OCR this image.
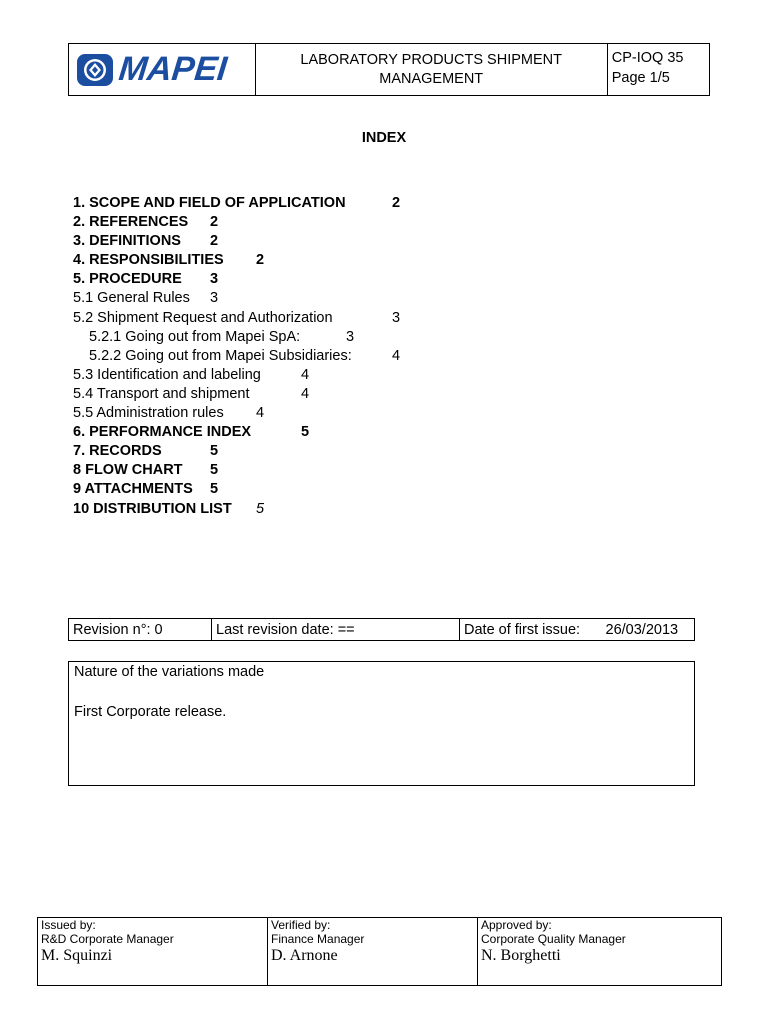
MAPEI	LABORATORY PRODUCTS SHIPMENT
MANAGEMENT

CP-IOQ 35
Page 1/5
INDEX
1. SCOPE AND FIELD OF APPLICATION	2
2. REFERENCES 2
3. DEFINITIONS 2
4. RESPONSIBILITIES 2
5. PROCEDURE 3
5.1 General Rules 3
5.2 Shipment Request and Authorization	3
5.2.1 Going out from Mapei SpA:	3
5.2.2 Going out from Mapei Subsidiaries:	4
5.3 Identification and labeling	4
5.4 Transport and shipment	4
5.5 Administration rules 4
6. PERFORMANCE INDEX	5
7. RECORDS	5
8 FLOW CHART 5
9 ATTACHMENTS 5
10 DISTRIBUTION LIST 5
Revision n°: 0	Last revision date: ==	Date of first issue: 26/03/2013
Nature of the variations made
First Corporate release.
Issued by:
R&D Corporate Manager
M. Squinzi

Verified by:
Finance Manager
D. Arnone

Approved by:
Corporate Quality Manager
N. Borghetti
